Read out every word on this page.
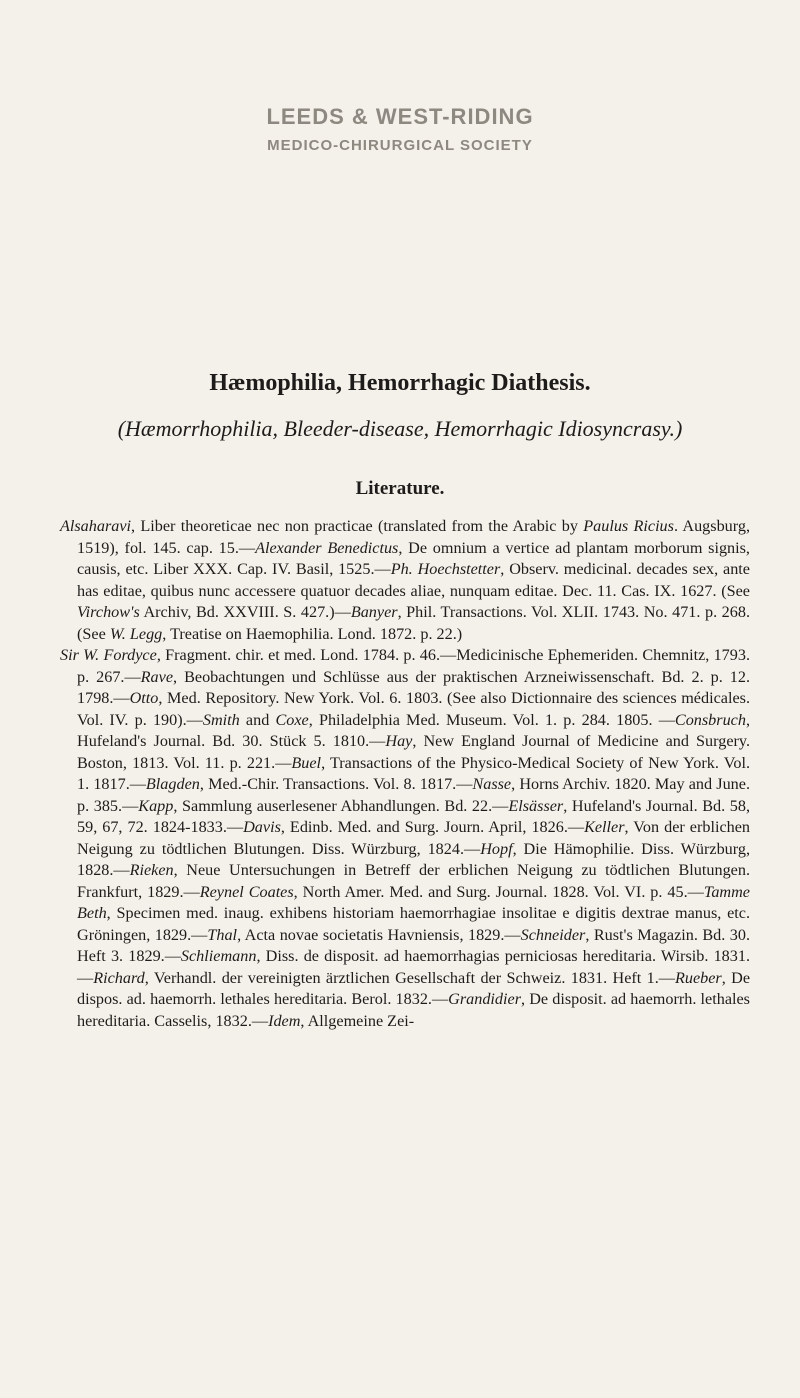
LEEDS & WEST-RIDING
MEDICO-CHIRURGICAL SOCIETY
Hæmophilia, Hemorrhagic Diathesis.
(Hæmorrhophilia, Bleeder-disease, Hemorrhagic Idiosyncrasy.)
Literature.

Alsaharavi, Liber theoreticae nec non practicae (translated from the Arabic by Paulus Ricius. Augsburg, 1519), fol. 145. cap. 15.—Alexander Benedictus, De omnium a vertice ad plantam morborum signis, causis, etc. Liber XXX. Cap. IV. Basil, 1525.—Ph. Hoechstetter, Observ. medicinal. decades sex, ante has editae, quibus nunc accessere quatuor decades aliae, nunquam editae. Dec. 11. Cas. IX. 1627. (See Virchow's Archiv, Bd. XXVIII. S. 427.)—Banyer, Phil. Transactions. Vol. XLII. 1743. No. 471. p. 268. (See W. Legg, Treatise on Haemophilia. Lond. 1872. p. 22.)

Sir W. Fordyce, Fragment. chir. et med. Lond. 1784. p. 46.—Medicinische Ephemeriden. Chemnitz, 1793. p. 267.—Rave, Beobachtungen und Schlüsse aus der praktischen Arzneiwissenschaft. Bd. 2. p. 12. 1798.—Otto, Med. Repository. New York. Vol. 6. 1803. (See also Dictionnaire des sciences médicales. Vol. IV. p. 190).—Smith and Coxe, Philadelphia Med. Museum. Vol. 1. p. 284. 1805. —Consbruch, Hufeland's Journal. Bd. 30. Stück 5. 1810.—Hay, New England Journal of Medicine and Surgery. Boston, 1813. Vol. 11. p. 221.—Buel, Transactions of the Physico-Medical Society of New York. Vol. 1. 1817.—Blagden, Med.-Chir. Transactions. Vol. 8. 1817.—Nasse, Horns Archiv. 1820. May and June. p. 385.—Kapp, Sammlung auserlesener Abhandlungen. Bd. 22.—Elsässer, Hufeland's Journal. Bd. 58, 59, 67, 72. 1824-1833.—Davis, Edinb. Med. and Surg. Journ. April, 1826.—Keller, Von der erblichen Neigung zu tödtlichen Blutungen. Diss. Würzburg, 1824.—Hopf, Die Hämophilie. Diss. Würzburg, 1828.—Rieken, Neue Untersuchungen in Betreff der erblichen Neigung zu tödtlichen Blutungen. Frankfurt, 1829.—Reynel Coates, North Amer. Med. and Surg. Journal. 1828. Vol. VI. p. 45.—Tamme Beth, Specimen med. inaug. exhibens historiam haemorrhagiae insolitae e digitis dextrae manus, etc. Gröningen, 1829.—Thal, Acta novae societatis Havniensis, 1829.—Schneider, Rust's Magazin. Bd. 30. Heft 3. 1829.—Schliemann, Diss. de disposit. ad haemorrhagias perniciosas hereditaria. Wirsib. 1831.—Richard, Verhandl. der vereinigten ärztlichen Gesellschaft der Schweiz. 1831. Heft 1.—Rueber, De dispos. ad. haemorrh. lethales hereditaria. Berol. 1832.—Grandidier, De disposit. ad haemorrh. lethales hereditaria. Casselis, 1832.—Idem, Allgemeine Zei-
